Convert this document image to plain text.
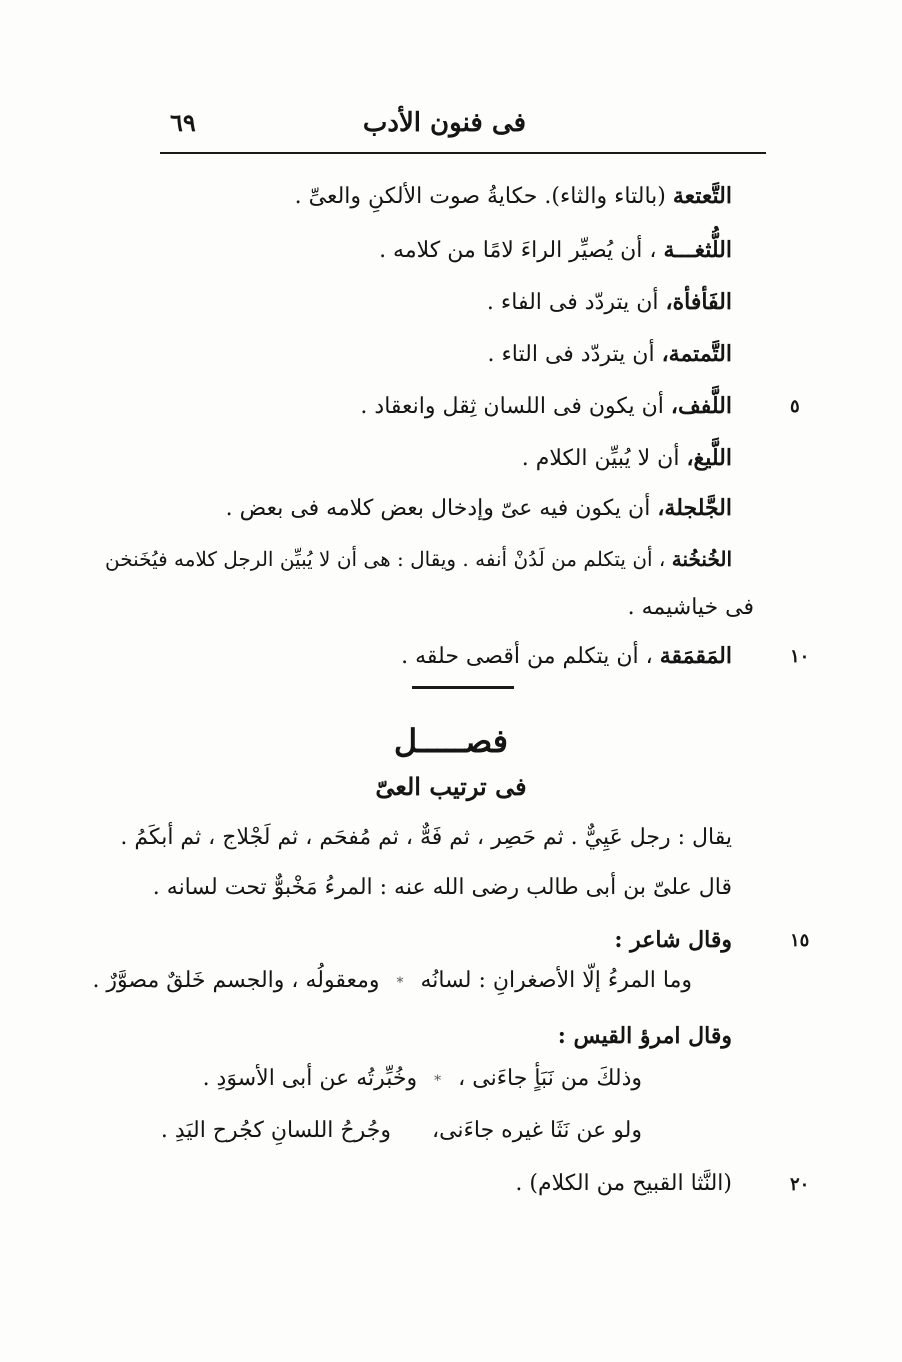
فى فنون الأدب
٦٩
التَّعتعة (بالتاء والثاء). حكايةُ صوت الألكنِ والعىِّ .
اللُّثغـــة ، أن يُصيِّر الراءَ لامًا من كلامه .
الفَأفأة، أن يتردّد فى الفاء .
التَّمتمة، أن يتردّد فى التاء .
اللَّفف، أن يكون فى اللسان ثِقل وانعقاد .	٥
اللَّيغ، أن لا يُبيِّن الكلام .
الجَّلجلة، أن يكون فيه عىّ وإدخال بعض كلامه فى بعض .
الخُنخُنة ، أن يتكلم من لَدُنْ أنفه . ويقال : هى أن لا يُبيِّن الرجل كلامه فيُخَنخن
فى خياشيمه .
المَقمَقة ، أن يتكلم من أقصى حلقه .	١٠
فصـــــل
فى ترتيب العىّ
يقال : رجل عَيِيٌّ . ثم حَصِر ، ثم فَهٌّ ، ثم مُفحَم ، ثم لَجْلاج ، ثم أبكَمُ .
قال علىّ بن أبى طالب رضى الله عنه : المرءُ مَخْبوٌّ تحت لسانه .
وقال شاعر :	١٥
وما المرءُ إلّا الأصغرانِ : لسانُه * ومعقولُه ، والجسم خَلقٌ مصوَّرٌ .
وقال امرؤ القيس :
وذلكَ من نَبَأٍ جاءَنى ، * وخُبِّرتُه عن أبى الأسوَدِ .
ولو عن نَثَا غيره جاءَنى،  وجُرحُ اللسانِ كجُرح اليَدِ .
(النَّثا القبيح من الكلام) .	٢٠
